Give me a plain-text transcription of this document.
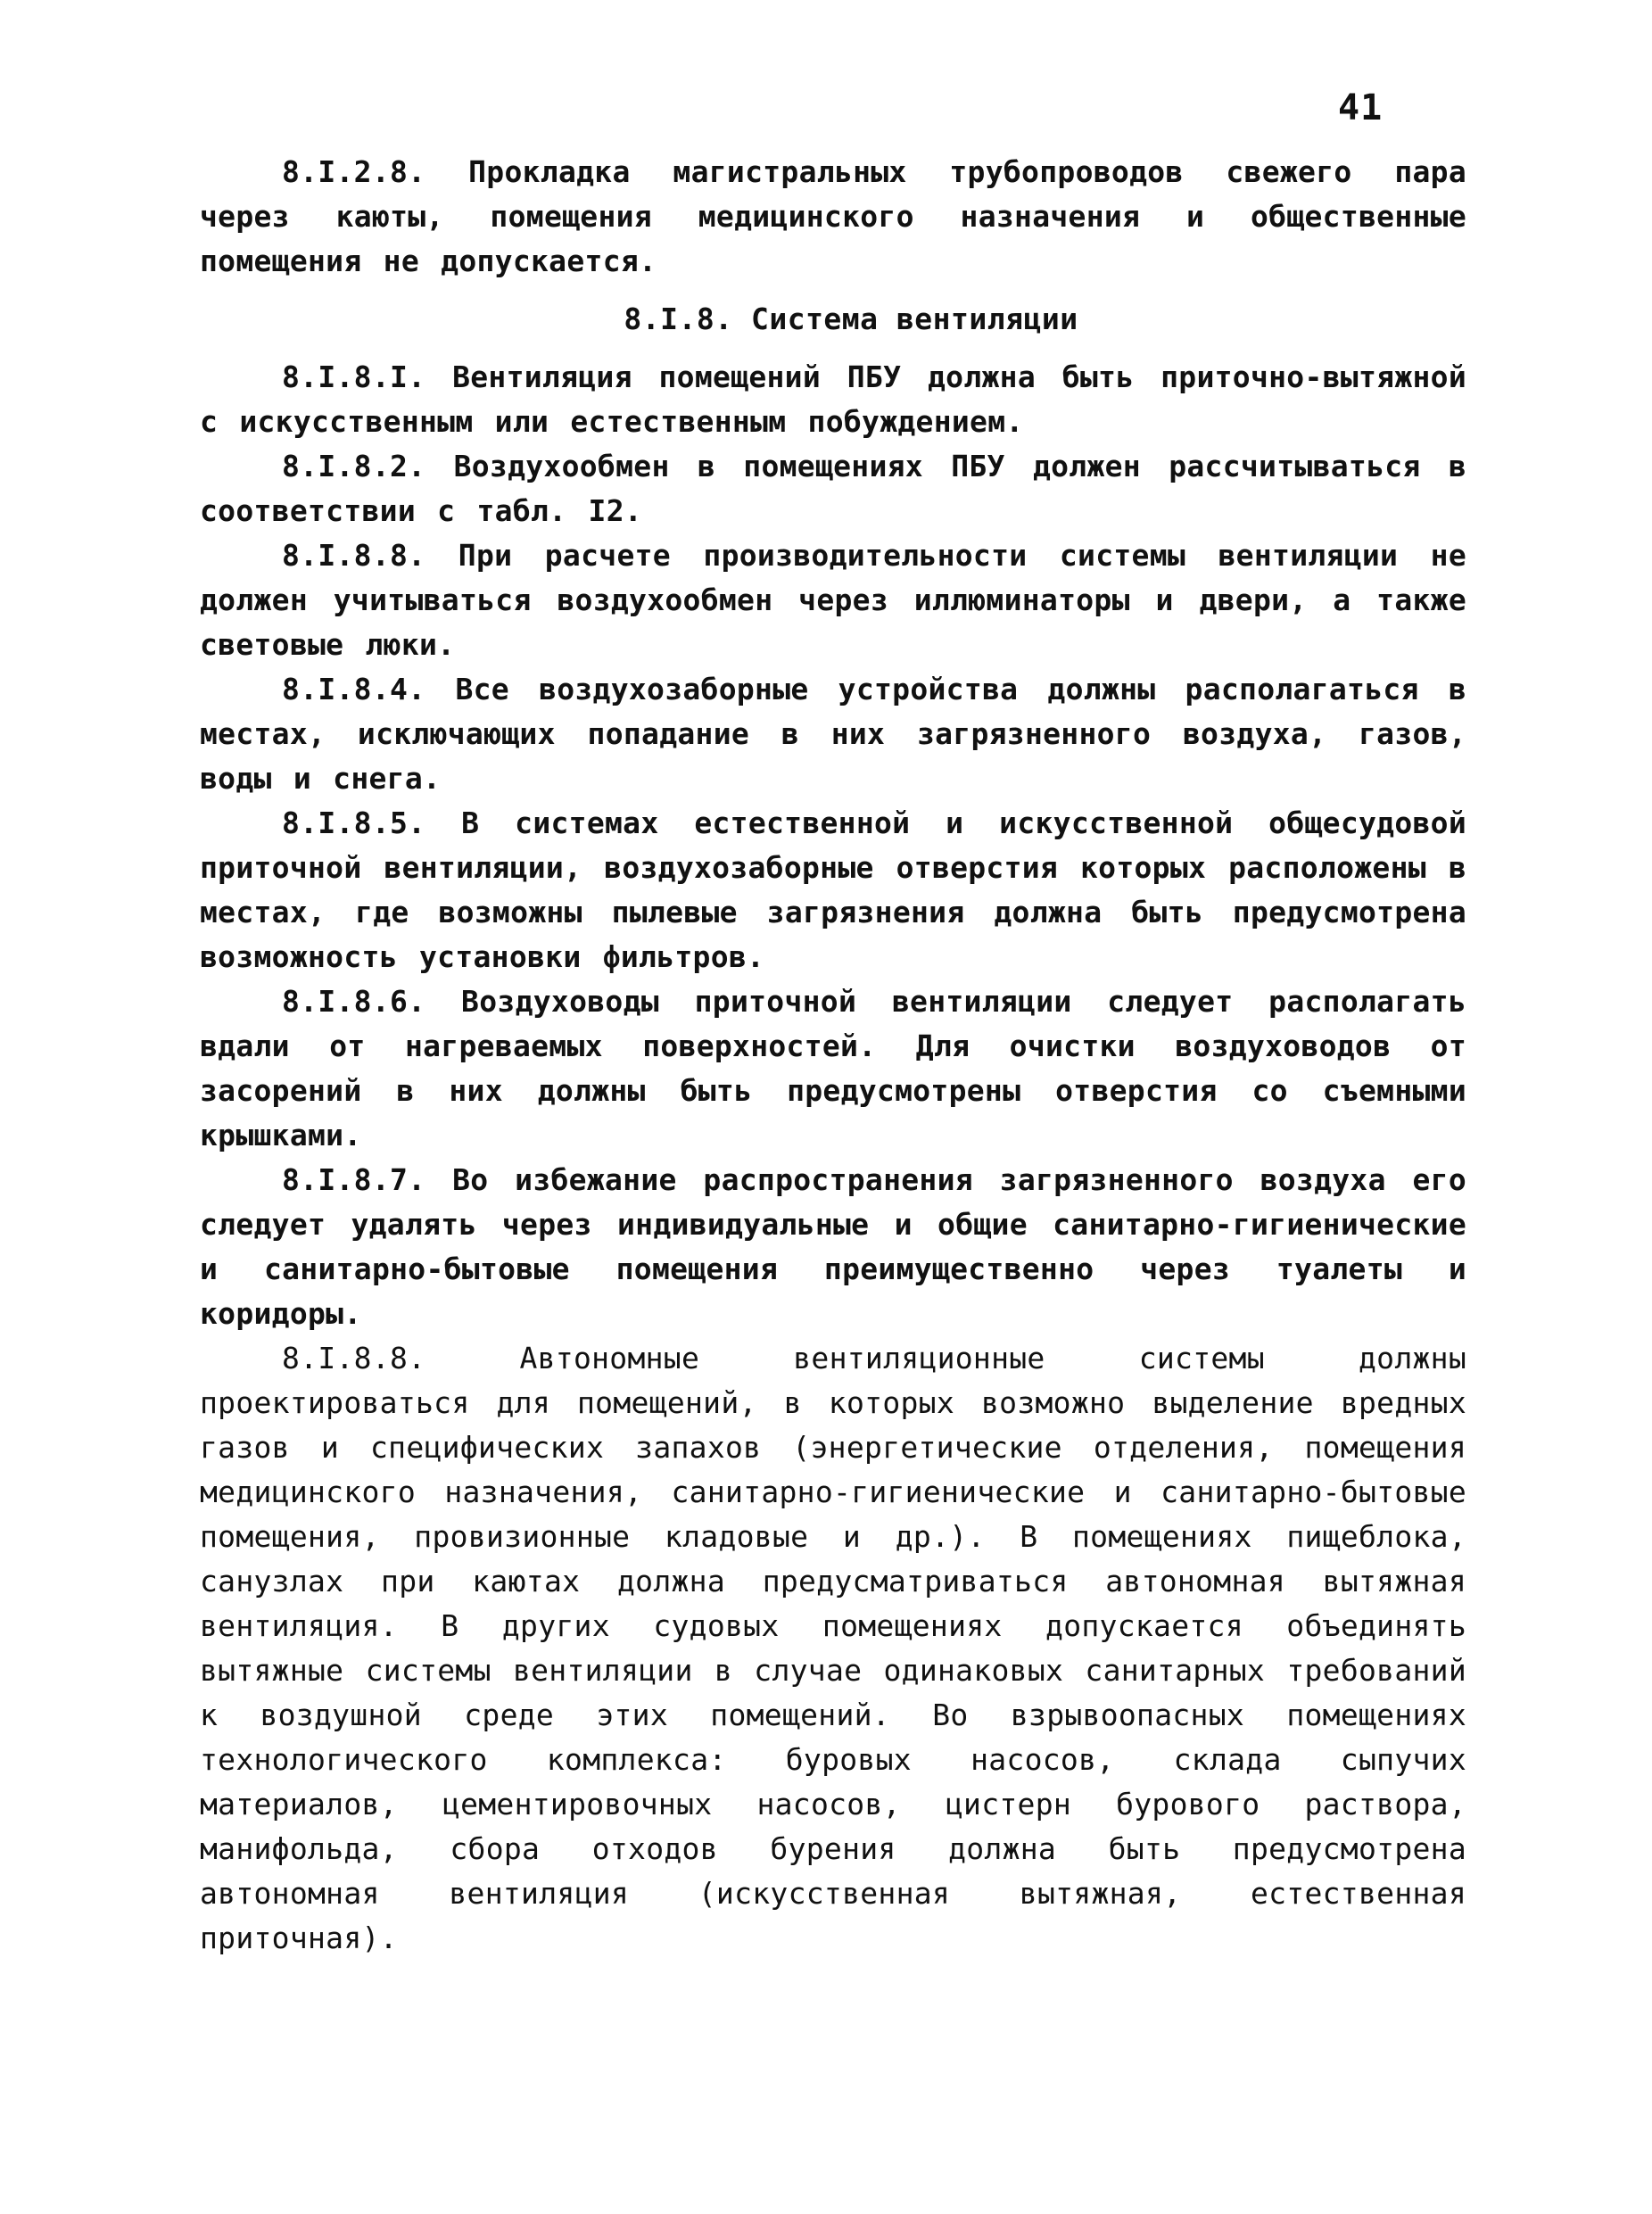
41

8.I.2.8. Прокладка магистральных трубопроводов свежего пара через каюты, помещения медицинского назначения и общественные помещения не допускается.

8.I.8. Система вентиляции

8.I.8.I. Вентиляция помещений ПБУ должна быть приточно-вытяжной с искусственным или естественным побуждением.

8.I.8.2. Воздухообмен в помещениях ПБУ должен рассчитываться в соответствии с табл. I2.

8.I.8.8. При расчете производительности системы вентиляции не должен учитываться воздухообмен через иллюминаторы и двери, а также световые люки.

8.I.8.4. Все воздухозаборные устройства должны располагаться в местах, исключающих попадание в них загрязненного воздуха, газов, воды и снега.

8.I.8.5. В системах естественной и искусственной общесудовой приточной вентиляции, воздухозаборные отверстия которых расположены в местах, где возможны пылевые загрязнения должна быть предусмотрена возможность установки фильтров.

8.I.8.6. Воздуховоды приточной вентиляции следует располагать вдали от нагреваемых поверхностей. Для очистки воздуховодов от засорений в них должны быть предусмотрены отверстия со съемными крышками.

8.I.8.7. Во избежание распространения загрязненного воздуха его следует удалять через индивидуальные и общие санитарно-гигиенические и санитарно-бытовые помещения преимущественно через туалеты и коридоры.

8.I.8.8. Автономные вентиляционные системы должны проектироваться для помещений, в которых возможно выделение вредных газов и специфических запахов (энергетические отделения, помещения медицинского назначения, санитарно-гигиенические и санитарно-бытовые помещения, провизионные кладовые и др.). В помещениях пищеблока, санузлах при каютах должна предусматриваться автономная вытяжная вентиляция. В других судовых помещениях допускается объединять вытяжные системы вентиляции в случае одинаковых санитарных требований к воздушной среде этих помещений. Во взрывоопасных помещениях технологического комплекса: буровых насосов, склада сыпучих материалов, цементировочных насосов, цистерн бурового раствора, манифольда, сбора отходов бурения должна быть предусмотрена автономная вентиляция (искусственная вытяжная, естественная приточная).
